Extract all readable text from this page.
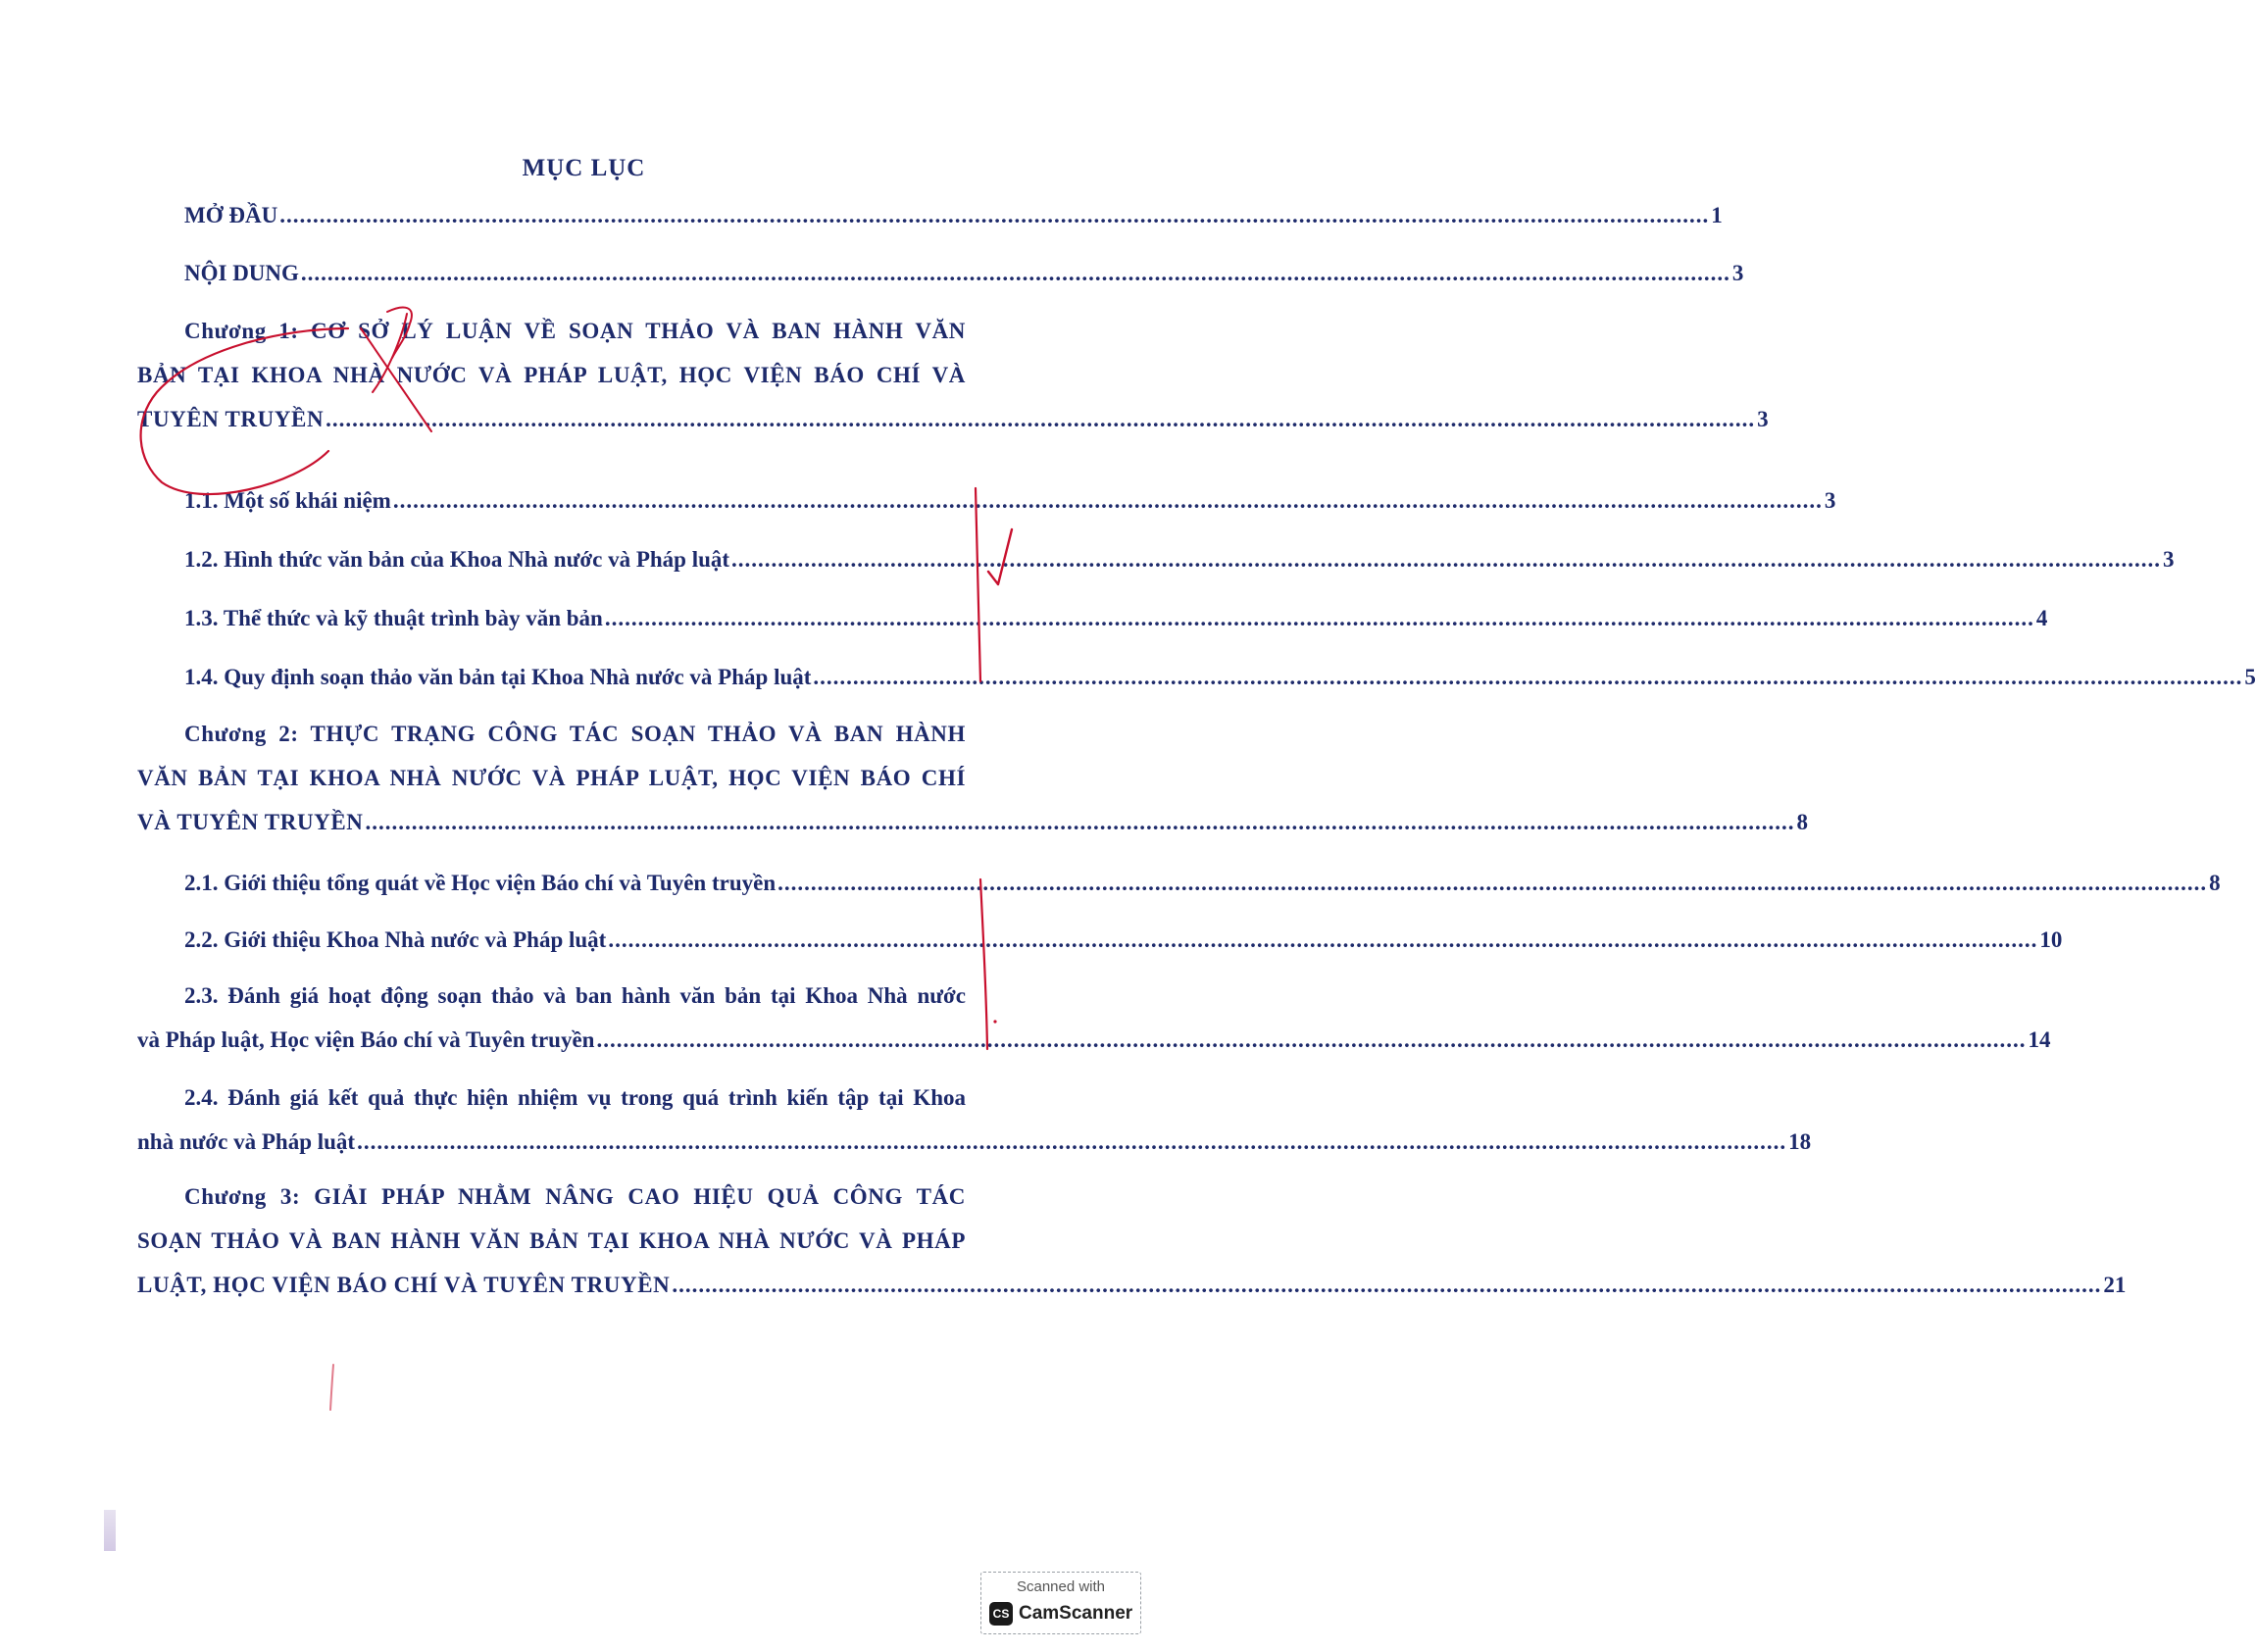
MỤC LỤC
MỞ ĐẦU ........................................................................................................................................................................................................................ 1
NỘI DUNG ........................................................................................................................................................................................................................ 3
Chương 1: CƠ SỞ LÝ LUẬN VỀ SOẠN THẢO VÀ BAN HÀNH VĂN
BẢN TẠI KHOA NHÀ NƯỚC VÀ PHÁP LUẬT, HỌC VIỆN BÁO CHÍ VÀ
TUYÊN TRUYỀN ........................................................................................................................................................................................................................ 3
1.1. Một số khái niệm ........................................................................................................................................................................................................................ 3
1.2. Hình thức văn bản của Khoa Nhà nước và Pháp luật ........................................................................................................................................................................................................................ 3
1.3. Thể thức và kỹ thuật trình bày văn bản ........................................................................................................................................................................................................................ 4
1.4. Quy định soạn thảo văn bản tại Khoa Nhà nước và Pháp luật ........................................................................................................................................................................................................................ 5
Chương 2: THỰC TRẠNG CÔNG TÁC SOẠN THẢO VÀ BAN HÀNH
VĂN BẢN TẠI KHOA NHÀ NƯỚC VÀ PHÁP LUẬT, HỌC VIỆN BÁO CHÍ
VÀ TUYÊN TRUYỀN ........................................................................................................................................................................................................................ 8
2.1. Giới thiệu tổng quát về Học viện Báo chí và Tuyên truyền ........................................................................................................................................................................................................................ 8
2.2. Giới thiệu Khoa Nhà nước và Pháp luật ........................................................................................................................................................................................................................ 10
2.3. Đánh giá hoạt động soạn thảo và ban hành văn bản tại Khoa Nhà nước
và Pháp luật, Học viện Báo chí và Tuyên truyền ........................................................................................................................................................................................................................ 14
2.4. Đánh giá kết quả thực hiện nhiệm vụ trong quá trình kiến tập tại Khoa
nhà nước và Pháp luật ........................................................................................................................................................................................................................ 18
Chương 3: GIẢI PHÁP NHẰM NÂNG CAO HIỆU QUẢ CÔNG TÁC
SOẠN THẢO VÀ BAN HÀNH VĂN BẢN TẠI KHOA NHÀ NƯỚC VÀ PHÁP
LUẬT, HỌC VIỆN BÁO CHÍ VÀ TUYÊN TRUYỀN ........................................................................................................................................................................................................................ 21
Scanned with
CS CamScanner
